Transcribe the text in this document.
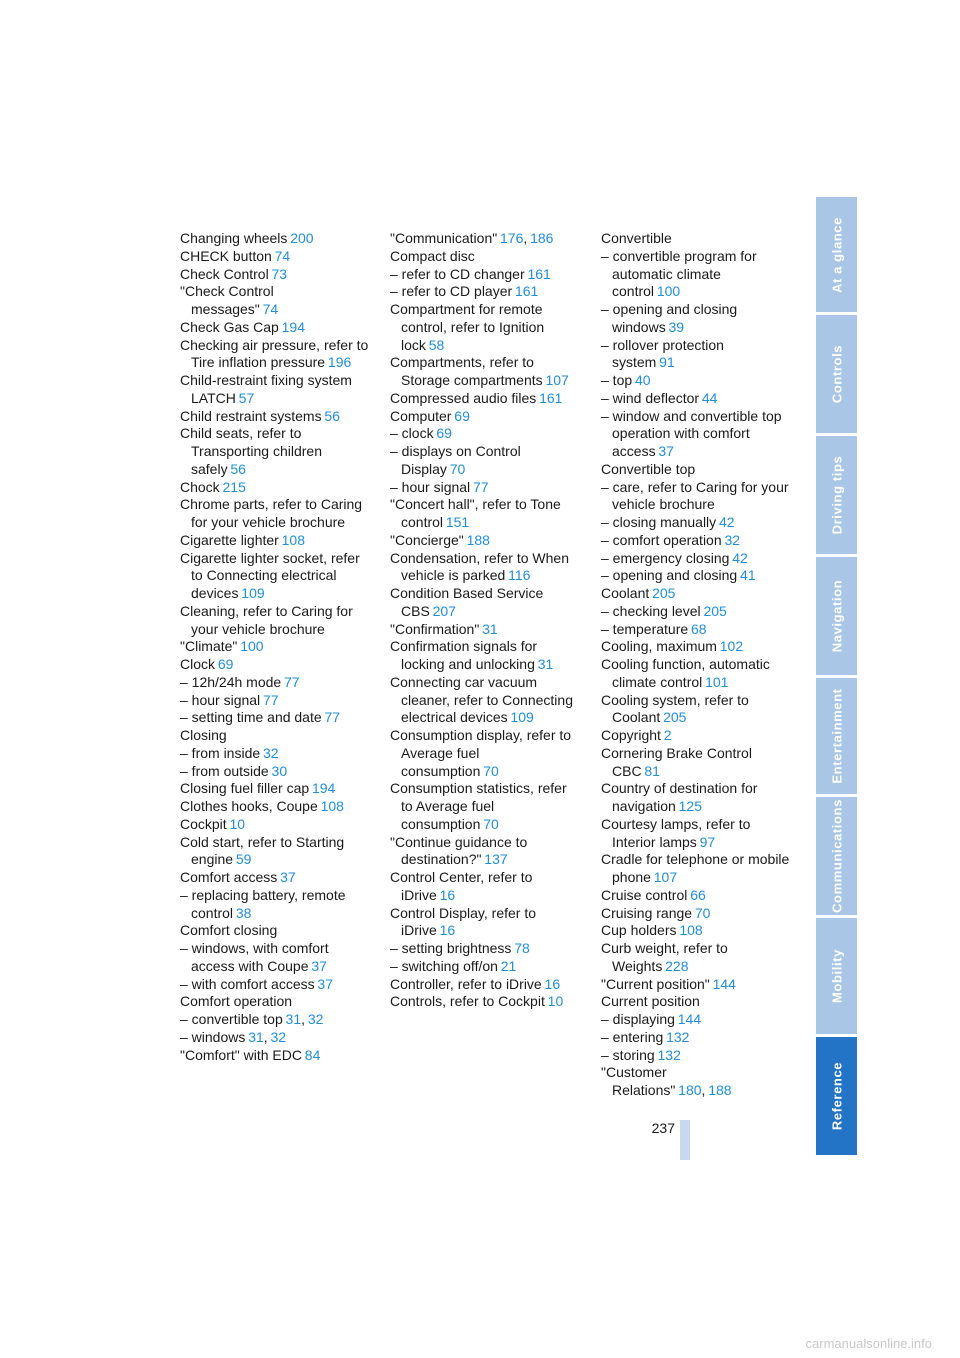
Changing wheels 200
CHECK button 74
Check Control 73
"Check Control
messages" 74
Check Gas Cap 194
Checking air pressure, refer to
Tire inflation pressure 196
Child-restraint fixing system
LATCH 57
Child restraint systems 56
Child seats, refer to
Transporting children
safely 56
Chock 215
Chrome parts, refer to Caring
for your vehicle brochure
Cigarette lighter 108
Cigarette lighter socket, refer
to Connecting electrical
devices 109
Cleaning, refer to Caring for
your vehicle brochure
"Climate" 100
Clock 69
– 12h/24h mode 77
– hour signal 77
– setting time and date 77
Closing
– from inside 32
– from outside 30
Closing fuel filler cap 194
Clothes hooks, Coupe 108
Cockpit 10
Cold start, refer to Starting
engine 59
Comfort access 37
– replacing battery, remote
control 38
Comfort closing
– windows, with comfort
access with Coupe 37
– with comfort access 37
Comfort operation
– convertible top 31 , 32
– windows 31 , 32
"Comfort" with EDC 84
"Communication" 176 , 186
Compact disc
– refer to CD changer 161
– refer to CD player 161
Compartment for remote
control, refer to Ignition
lock 58
Compartments, refer to
Storage compartments 107
Compressed audio files 161
Computer 69
– clock 69
– displays on Control
Display 70
– hour signal 77
"Concert hall", refer to Tone
control 151
"Concierge" 188
Condensation, refer to When
vehicle is parked 116
Condition Based Service
CBS 207
"Confirmation" 31
Confirmation signals for
locking and unlocking 31
Connecting car vacuum
cleaner, refer to Connecting
electrical devices 109
Consumption display, refer to
Average fuel
consumption 70
Consumption statistics, refer
to Average fuel
consumption 70
"Continue guidance to
destination?" 137
Control Center, refer to
iDrive 16
Control Display, refer to
iDrive 16
– setting brightness 78
– switching off/on 21
Controller, refer to iDrive 16
Controls, refer to Cockpit 10
Convertible
– convertible program for
automatic climate
control 100
– opening and closing
windows 39
– rollover protection
system 91
– top 40
– wind deflector 44
– window and convertible top
operation with comfort
access 37
Convertible top
– care, refer to Caring for your
vehicle brochure
– closing manually 42
– comfort operation 32
– emergency closing 42
– opening and closing 41
Coolant 205
– checking level 205
– temperature 68
Cooling, maximum 102
Cooling function, automatic
climate control 101
Cooling system, refer to
Coolant 205
Copyright 2
Cornering Brake Control
CBC 81
Country of destination for
navigation 125
Courtesy lamps, refer to
Interior lamps 97
Cradle for telephone or mobile
phone 107
Cruise control 66
Cruising range 70
Cup holders 108
Curb weight, refer to
Weights 228
"Current position" 144
Current position
– displaying 144
– entering 132
– storing 132
"Customer
Relations" 180 , 188
At a glance
Controls
Driving tips
Navigation
Entertainment
Communications
Mobility
Reference
237
carmanualsonline.info
